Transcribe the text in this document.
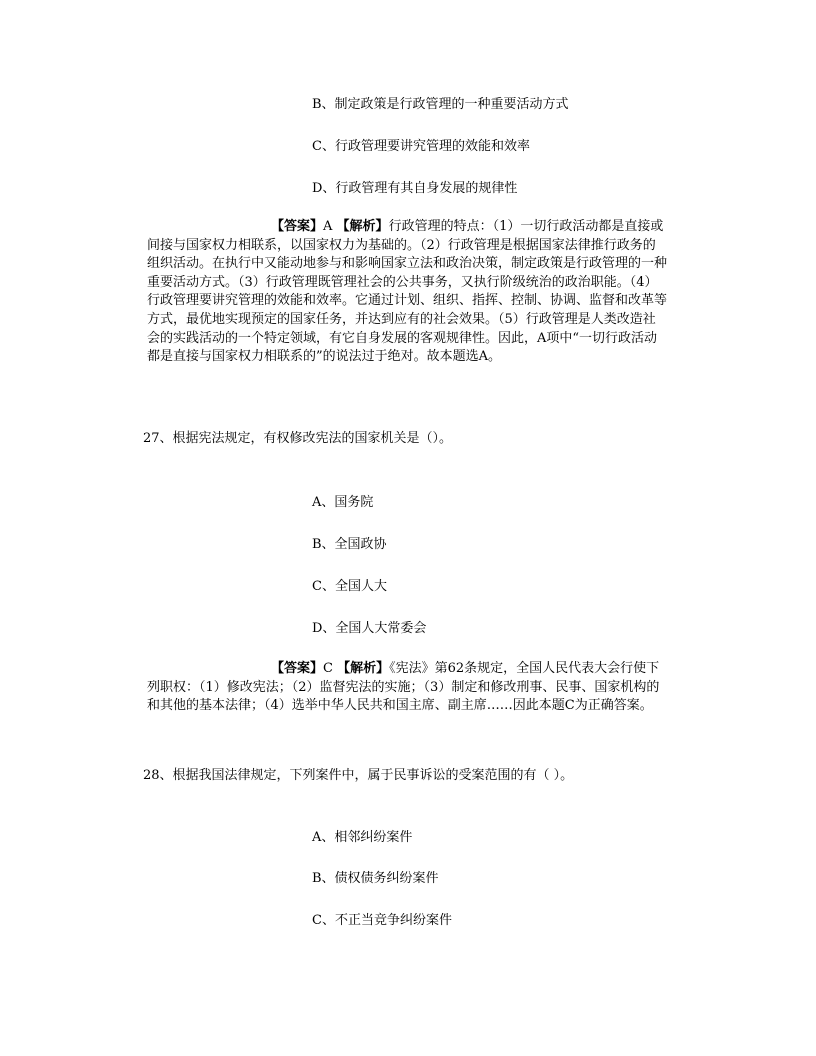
B、制定政策是行政管理的一种重要活动方式
C、行政管理要讲究管理的效能和效率
D、行政管理有其自身发展的规律性

【答案】A 【解析】行政管理的特点：（1）一切行政活动都是直接或间接与国家权力相联系，以国家权力为基础的。（2）行政管理是根据国家法律推行政务的组织活动。在执行中又能动地参与和影响国家立法和政治决策，制定政策是行政管理的一种重要活动方式。（3）行政管理既管理社会的公共事务，又执行阶级统治的政治职能。（4）行政管理要讲究管理的效能和效率。它通过计划、组织、指挥、控制、协调、监督和改革等方式，最优地实现预定的国家任务，并达到应有的社会效果。（5）行政管理是人类改造社会的实践活动的一个特定领域，有它自身发展的客观规律性。因此，A项中“一切行政活动都是直接与国家权力相联系的”的说法过于绝对。故本题选A。

27、根据宪法规定，有权修改宪法的国家机关是（）。
A、国务院
B、全国政协
C、全国人大
D、全国人大常委会

【答案】C 【解析】《宪法》第62条规定，全国人民代表大会行使下列职权：（1）修改宪法；（2）监督宪法的实施；（3）制定和修改刑事、民事、国家机构的和其他的基本法律；（4）选举中华人民共和国主席、副主席……因此本题C为正确答案。

28、根据我国法律规定，下列案件中，属于民事诉讼的受案范围的有（ ）。
A、相邻纠纷案件
B、债权债务纠纷案件
C、不正当竞争纠纷案件
